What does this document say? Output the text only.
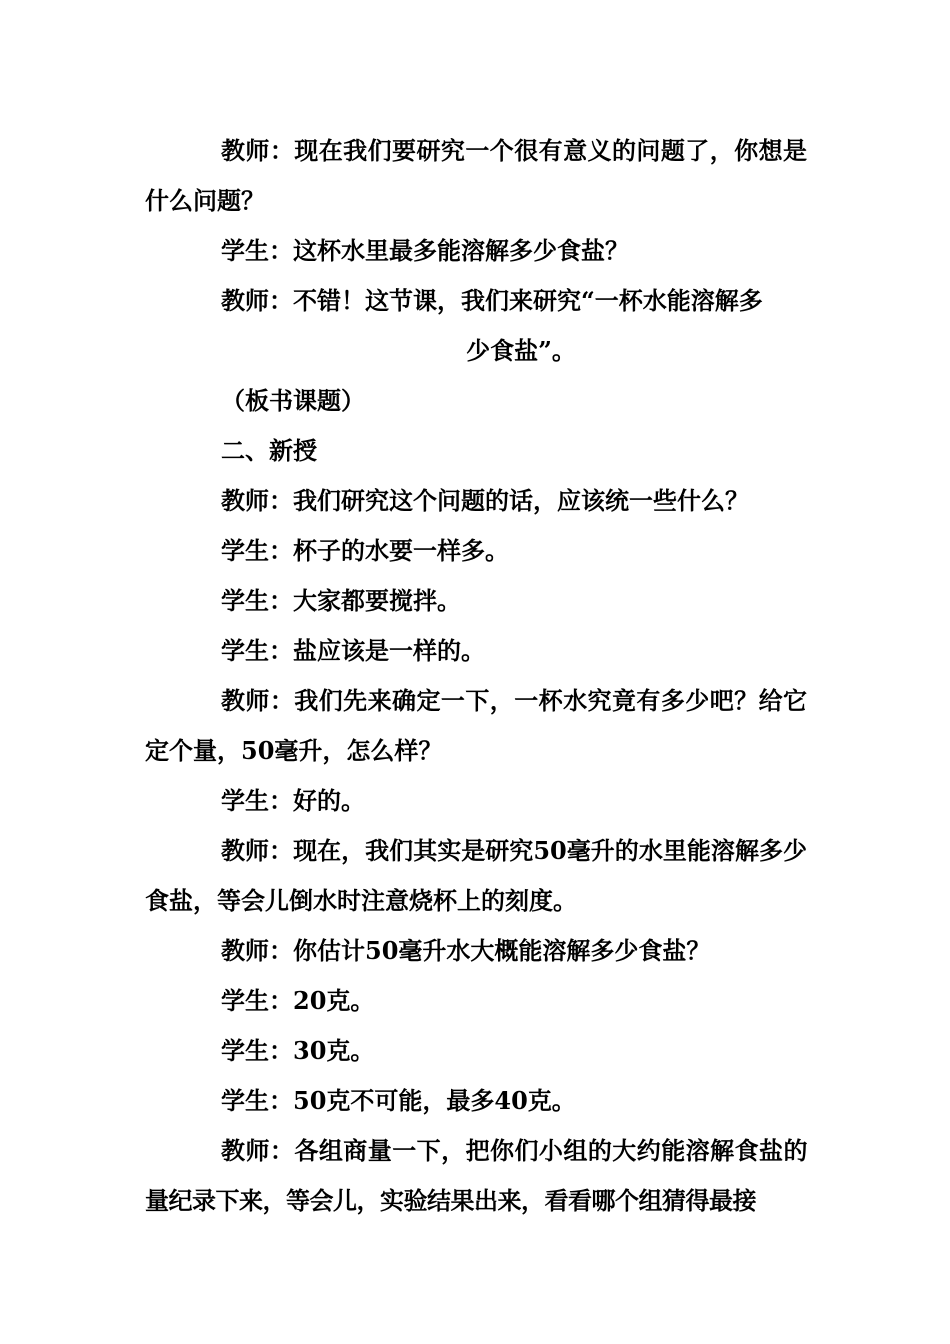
教师：现在我们要研究一个很有意义的问题了，你想是什么问题？

学生：这杯水里最多能溶解多少食盐？

教师：不错！这节课，我们来研究“一杯水能溶解多

少食盐”。

（板书课题）

二、新授

教师：我们研究这个问题的话，应该统一些什么？

学生：杯子的水要一样多。

学生：大家都要搅拌。

学生：盐应该是一样的。

教师：我们先来确定一下，一杯水究竟有多少吧？给它定个量，50毫升，怎么样？

学生：好的。

教师：现在，我们其实是研究50毫升的水里能溶解多少食盐，等会儿倒水时注意烧杯上的刻度。

教师：你估计50毫升水大概能溶解多少食盐？

学生：20克。

学生：30克。

学生：50克不可能，最多40克。

教师：各组商量一下，把你们小组的大约能溶解食盐的量纪录下来，等会儿，实验结果出来，看看哪个组猜得最接
